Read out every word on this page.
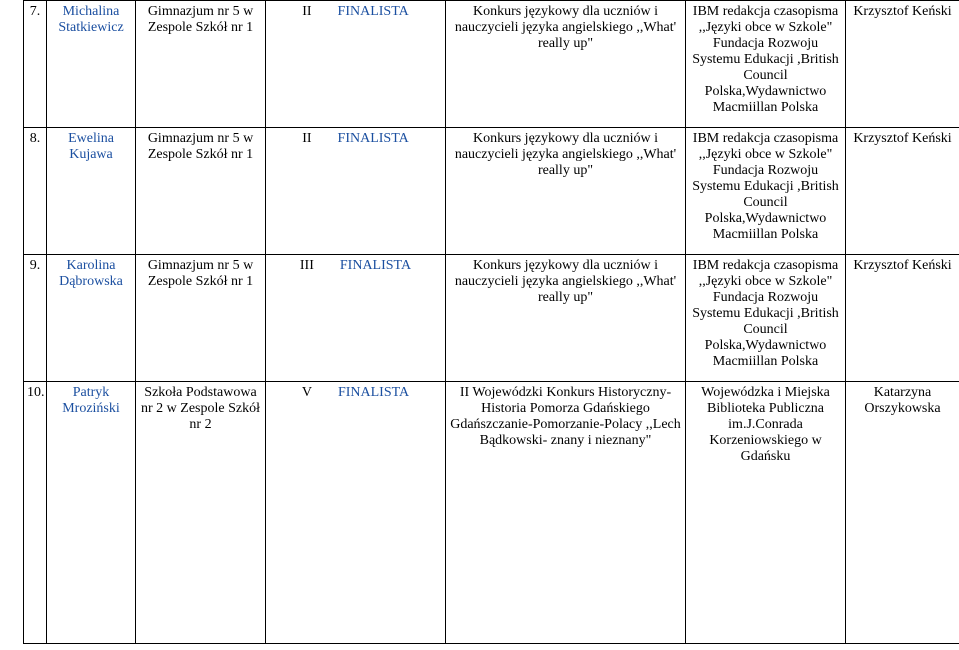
7.	Michalina Statkiewicz	Gimnazjum nr 5 w Zespole Szkół nr 1	II FINALISTA	Konkurs językowy dla uczniów i nauczycieli języka angielskiego ,,What' really up"	IBM redakcja czasopisma ,,Języki obce w Szkole" Fundacja Rozwoju Systemu Edukacji ,British Council Polska,Wydawnictwo Macmiillan Polska	Krzysztof Keński
8.	Ewelina Kujawa	Gimnazjum nr 5 w Zespole Szkół nr 1	II FINALISTA	Konkurs językowy dla uczniów i nauczycieli języka angielskiego ,,What' really up"	IBM redakcja czasopisma ,,Języki obce w Szkole" Fundacja Rozwoju Systemu Edukacji ,British Council Polska,Wydawnictwo Macmiillan Polska	Krzysztof Keński
9.	Karolina Dąbrowska	Gimnazjum nr 5 w Zespole Szkół nr 1	III FINALISTA	Konkurs językowy dla uczniów i nauczycieli języka angielskiego ,,What' really up"	IBM redakcja czasopisma ,,Języki obce w Szkole" Fundacja Rozwoju Systemu Edukacji ,British Council Polska,Wydawnictwo Macmiillan Polska	Krzysztof Keński
10.	Patryk Mroziński	Szkoła Podstawowa nr 2 w Zespole Szkół nr 2	V FINALISTA	II Wojewódzki Konkurs Historyczny-Historia Pomorza Gdańskiego Gdańszczanie-Pomorzanie-Polacy ,,Lech Bądkowski- znany i nieznany"	Wojewódzka i Miejska Biblioteka Publiczna im.J.Conrada Korzeniowskiego w Gdańsku	Katarzyna Orszykowska
